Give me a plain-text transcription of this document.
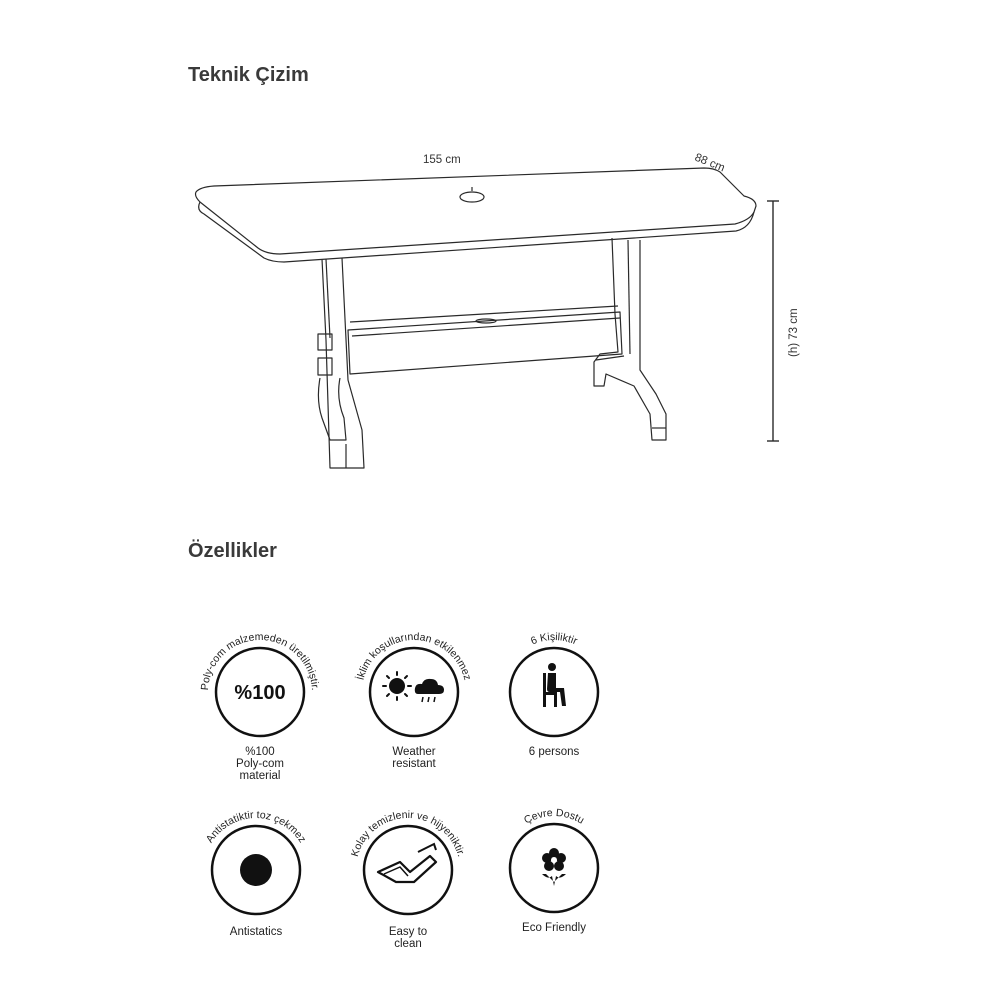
Teknik Çizim
155 cm	88 cm
(h) 73 cm
Özellikler
Poly-com malzemeden üretilmiştir.
%100
%100
Poly-com
material
İklim koşullarından etkilenmez
Weather
resistant
6 Kişiliktir
6 persons
Antistatiktir toz çekmez
Antistatics
Kolay temizlenir ve hijyeniktir.
Easy to
clean
Çevre Dostu
Eco Friendly
